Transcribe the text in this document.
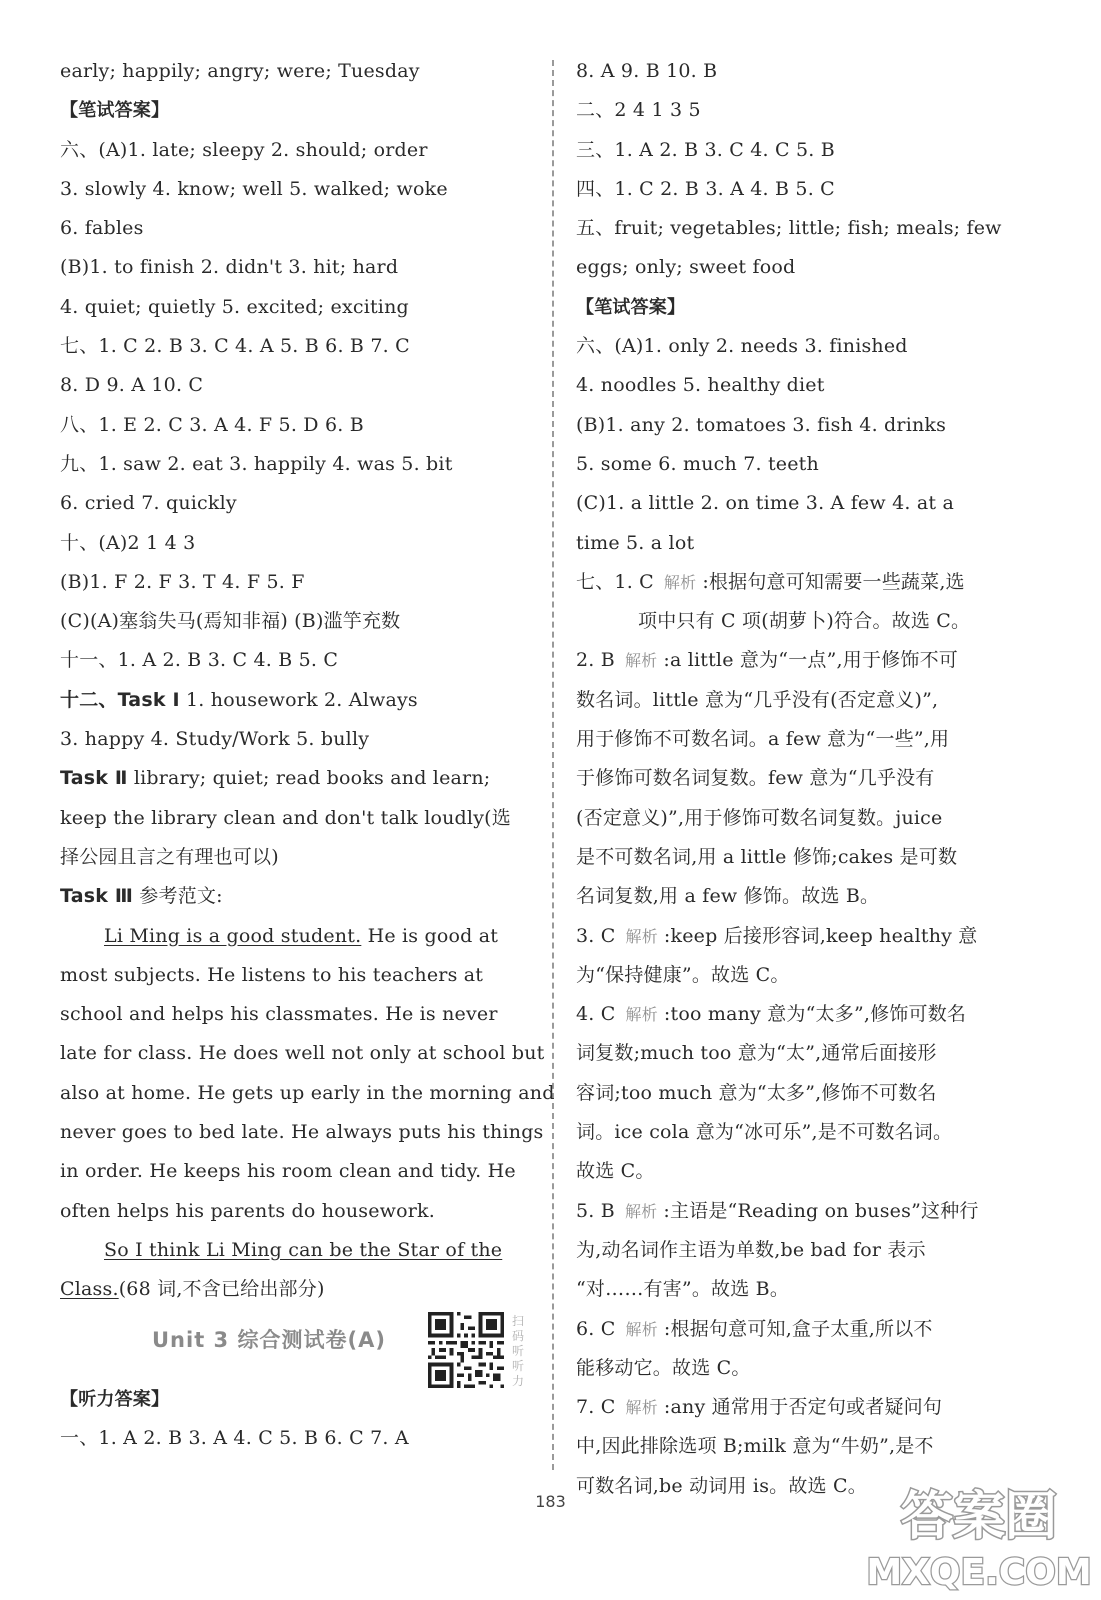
early; happily; angry; were; Tuesday
【笔试答案】
六、(A)1. late; sleepy 2. should; order
3. slowly 4. know; well 5. walked; woke
6. fables
(B)1. to finish 2. didn't 3. hit; hard
4. quiet; quietly 5. excited; exciting
七、1. C 2. B 3. C 4. A 5. B 6. B 7. C
8. D 9. A 10. C
八、1. E 2. C 3. A 4. F 5. D 6. B
九、1. saw 2. eat 3. happily 4. was 5. bit
6. cried 7. quickly
十、(A)2 1 4 3
(B)1. F 2. F 3. T 4. F 5. F
(C)(A)塞翁失马(焉知非福) (B)滥竽充数
十一、1. A 2. B 3. C 4. B 5. C
十二、Task Ⅰ 1. housework 2. Always
3. happy 4. Study/Work 5. bully
Task Ⅱ library; quiet; read books and learn;
keep the library clean and don't talk loudly(选
择公园且言之有理也可以)
Task Ⅲ 参考范文:
Li Ming is a good student. He is good at
most subjects. He listens to his teachers at
school and helps his classmates. He is never
late for class. He does well not only at school but
also at home. He gets up early in the morning and
never goes to bed late. He always puts his things
in order. He keeps his room clean and tidy. He
often helps his parents do housework.
So I think Li Ming can be the Star of the
Class.(68 词,不含已给出部分)
Unit 3 综合测试卷(A)
扫码听听力
【听力答案】
一、1. A 2. B 3. A 4. C 5. B 6. C 7. A
8. A 9. B 10. B
二、2 4 1 3 5
三、1. A 2. B 3. C 4. C 5. B
四、1. C 2. B 3. A 4. B 5. C
五、fruit; vegetables; little; fish; meals; few
eggs; only; sweet food
【笔试答案】
六、(A)1. only 2. needs 3. finished
4. noodles 5. healthy diet
(B)1. any 2. tomatoes 3. fish 4. drinks
5. some 6. much 7. teeth
(C)1. a little 2. on time 3. A few 4. at a
time 5. a lot
七、1. C 解析 :根据句意可知需要一些蔬菜,选
项中只有 C 项(胡萝卜)符合。故选 C。
2. B 解析 :a little 意为“一点”,用于修饰不可
数名词。little 意为“几乎没有(否定意义)”,
用于修饰不可数名词。a few 意为“一些”,用
于修饰可数名词复数。few 意为“几乎没有
(否定意义)”,用于修饰可数名词复数。juice
是不可数名词,用 a little 修饰;cakes 是可数
名词复数,用 a few 修饰。故选 B。
3. C 解析 :keep 后接形容词,keep healthy 意
为“保持健康”。故选 C。
4. C 解析 :too many 意为“太多”,修饰可数名
词复数;much too 意为“太”,通常后面接形
容词;too much 意为“太多”,修饰不可数名
词。ice cola 意为“冰可乐”,是不可数名词。
故选 C。
5. B 解析 :主语是“Reading on buses”这种行
为,动名词作主语为单数,be bad for 表示
“对……有害”。故选 B。
6. C 解析 :根据句意可知,盒子太重,所以不
能移动它。故选 C。
7. C 解析 :any 通常用于否定句或者疑问句
中,因此排除选项 B;milk 意为“牛奶”,是不
可数名词,be 动词用 is。故选 C。
183	答案圈
MXQE.COM
